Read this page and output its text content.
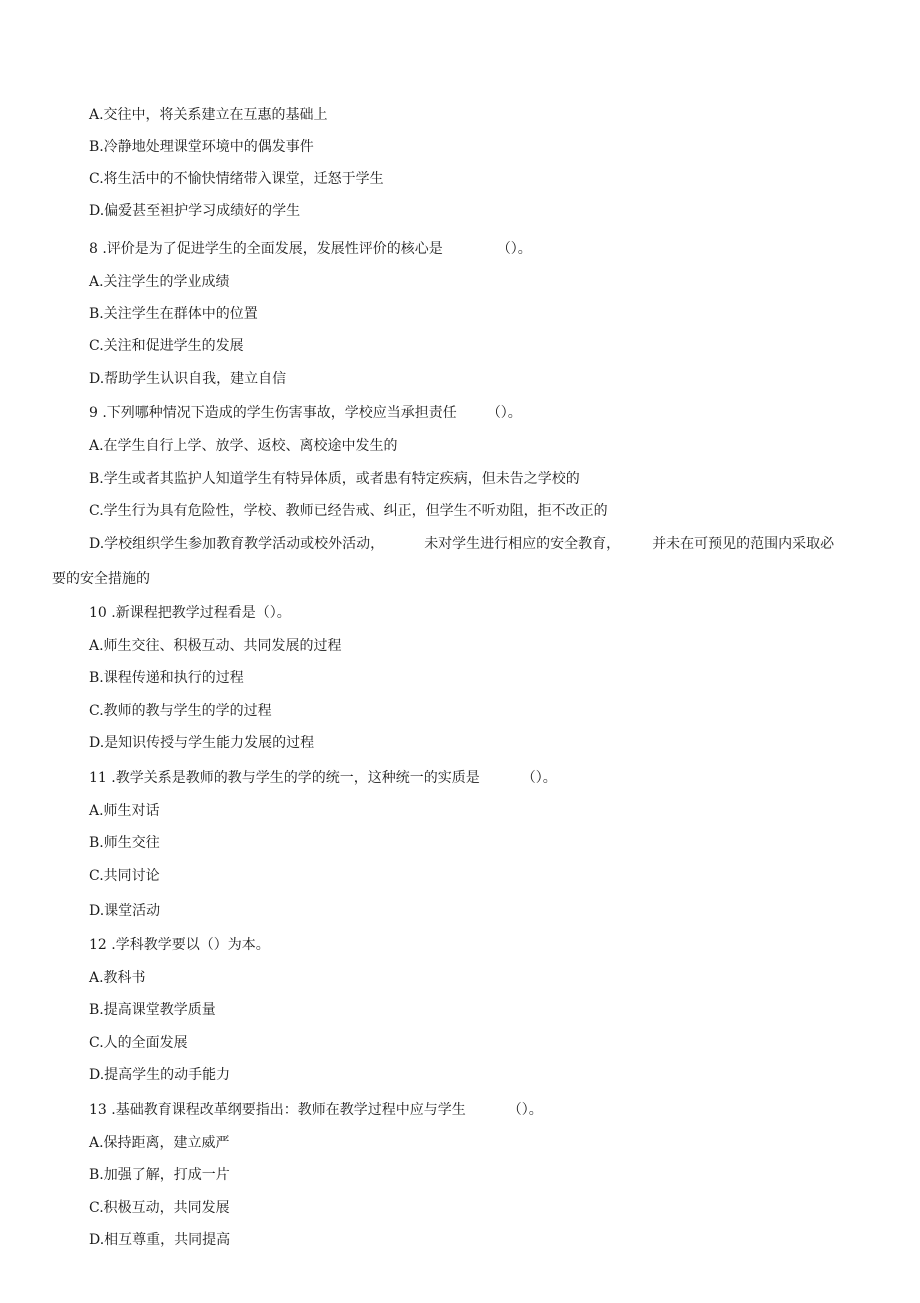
A.交往中，将关系建立在互惠的基础上
B.冷静地处理课堂环境中的偶发事件
C.将生活中的不愉快情绪带入课堂，迁怒于学生
D.偏爱甚至袒护学习成绩好的学生
8 .评价是为了促进学生的全面发展，发展性评价的核心是	（）。
A.关注学生的学业成绩
B.关注学生在群体中的位置
C.关注和促进学生的发展
D.帮助学生认识自我，建立自信
9 .下列哪种情况下造成的学生伤害事故，学校应当承担责任 （）。
A.在学生自行上学、放学、返校、离校途中发生的
B.学生或者其监护人知道学生有特异体质，或者患有特定疾病，但未告之学校的
C.学生行为具有危险性，学校、教师已经告戒、纠正，但学生不听劝阻，拒不改正的
D.学校组织学生参加教育教学活动或校外活动，	未对学生进行相应的安全教育， 并未在可预见的范围内采取必
要的安全措施的
10 .新课程把教学过程看是（）。
A.师生交往、积极互动、共同发展的过程
B.课程传递和执行的过程
C.教师的教与学生的学的过程
D.是知识传授与学生能力发展的过程
11 .教学关系是教师的教与学生的学的统一，这种统一的实质是	（）。
A.师生对话
B.师生交往
C.共同讨论
D.课堂活动
12 .学科教学要以（）为本。
A.教科书
B.提高课堂教学质量
C.人的全面发展
D.提高学生的动手能力
13 .基础教育课程改革纲要指出：教师在教学过程中应与学生	（）。
A.保持距离，建立威严
B.加强了解，打成一片
C.积极互动，共同发展
D.相互尊重，共同提高
